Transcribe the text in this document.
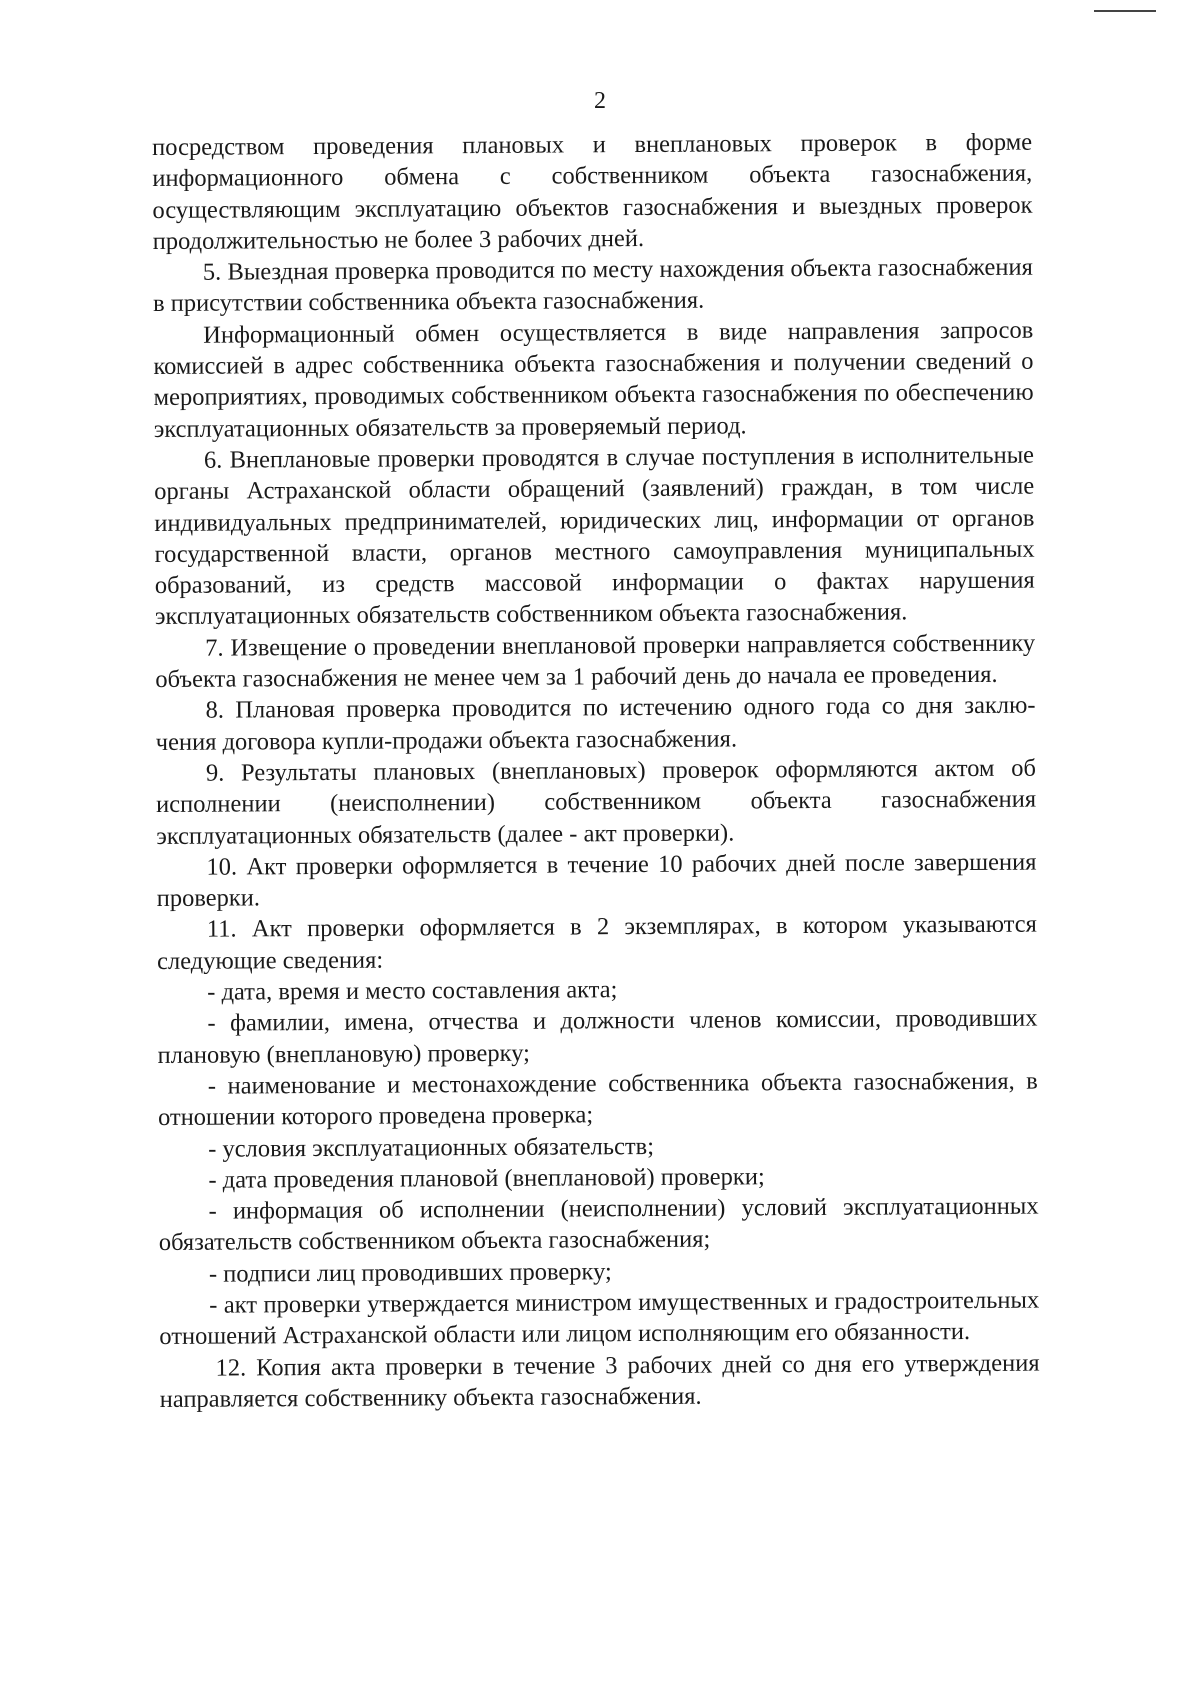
2

посредством проведения плановых и внеплановых проверок в форме информационного обмена с собственником объекта газоснабжения, осуществляющим эксплуатацию объектов газоснабжения и выездных проверок продолжительностью не более 3 рабочих дней.

5. Выездная проверка проводится по месту нахождения объекта газоснабжения в присутствии собственника объекта газоснабжения.

Информационный обмен осуществляется в виде направления запросов комиссией в адрес собственника объекта газоснабжения и получении сведений о мероприятиях, проводимых собственником объекта газоснабжения по обеспечению эксплуатационных обязательств за проверяемый период.

6. Внеплановые проверки проводятся в случае поступления в исполнительные органы Астраханской области обращений (заявлений) граждан, в том числе индивидуальных предпринимателей, юридических лиц, информации от органов государственной власти, органов местного самоуправления муниципальных образований, из средств массовой информации о фактах нарушения эксплуатационных обязательств собственником объекта газоснабжения.

7. Извещение о проведении внеплановой проверки направляется собственнику объекта газоснабжения не менее чем за 1 рабочий день до начала ее проведения.

8. Плановая проверка проводится по истечению одного года со дня заклю-чения договора купли-продажи объекта газоснабжения.

9. Результаты плановых (внеплановых) проверок оформляются актом об исполнении (неисполнении) собственником объекта газоснабжения эксплуатационных обязательств (далее - акт проверки).

10. Акт проверки оформляется в течение 10 рабочих дней после завершения проверки.

11. Акт проверки оформляется в 2 экземплярах, в котором указываются следующие сведения:

- дата, время и место составления акта;

- фамилии, имена, отчества и должности членов комиссии, проводивших плановую (внеплановую) проверку;

- наименование и местонахождение собственника объекта газоснабжения, в отношении которого проведена проверка;

- условия эксплуатационных обязательств;

- дата проведения плановой (внеплановой) проверки;

- информация об исполнении (неисполнении) условий эксплуатационных обязательств собственником объекта газоснабжения;

- подписи лиц проводивших проверку;

- акт проверки утверждается министром имущественных и градостроительных отношений Астраханской области или лицом исполняющим его обязанности.

12. Копия акта проверки в течение 3 рабочих дней со дня его утверждения направляется собственнику объекта газоснабжения.
